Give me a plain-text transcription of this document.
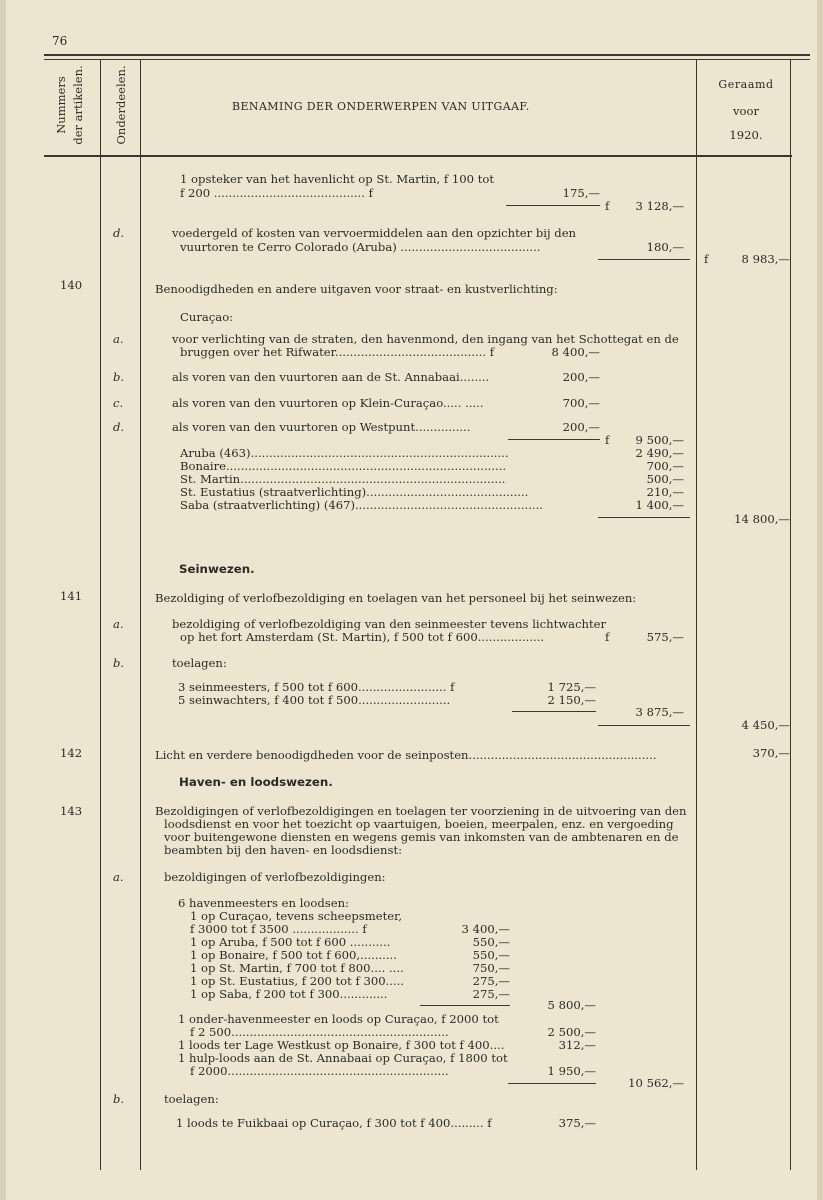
76
Nummers der artikelen.	Onderdeelen.	BENAMING DER ONDERWERPEN VAN UITGAAF.
Geraamd
voor
1920.
1 opsteker van het havenlicht op St. Martin, f 100 tot
f 200 ......................................... f	175,—
f	3 128,—
d.	voedergeld of kosten van vervoermiddelen aan den opzichter bij den
vuurtoren te Cerro Colorado (Aruba) ......................................	180,—
f	8 983,—
140	Benoodigdheden en andere uitgaven voor straat- en kustverlichting:
Curaçao:
a.	voor verlichting van de straten, den havenmond, den ingang van het Schottegat en de
bruggen over het Rifwater......................................... f	8 400,—
b.	als voren van den vuurtoren aan de St. Annabaai........	200,—
c.	als voren van den vuurtoren op Klein-Curaçao..... .....	700,—
d.	als voren van den vuurtoren op Westpunt...............	200,—
f	9 500,—
Aruba (463)......................................................................	2 490,—
Bonaire............................................................................	700,—
St. Martin........................................................................	500,—
St. Eustatius (straatverlichting)............................................	210,—
Saba (straatverlichting) (467)...................................................	1 400,—
14 800,—
Seinwezen.
141	Bezoldiging of verlofbezoldiging en toelagen van het personeel bij het seinwezen:
a.	bezoldiging of verlofbezoldiging van den seinmeester tevens lichtwachter
op het fort Amsterdam (St. Martin), f 500 tot f 600..................	f	575,—
b.	toelagen:
3 seinmeesters, f 500 tot f 600........................ f	1 725,—
5 seinwachters, f 400 tot f 500.........................	2 150,—
3 875,—
4 450,—
142	Licht en verdere benoodigdheden voor de seinposten...................................................	370,—
Haven- en loodswezen.
143	Bezoldigingen of verlofbezoldigingen en toelagen ter voorziening in de uitvoering van den
loodsdienst en voor het toezicht op vaartuigen, boeien, meerpalen, enz. en vergoeding
voor buitengewone diensten en wegens gemis van inkomsten van de ambtenaren en de
beambten bij den haven- en loodsdienst:
a.	bezoldigingen of verlofbezoldigingen:
6 havenmeesters en loodsen:
1 op Curaçao, tevens scheepsmeter,
f 3000 tot f 3500 .................. f	3 400,—
1 op Aruba, f 500 tot f 600 ...........	550,—
1 op Bonaire, f 500 tot f 600,..........	550,—
1 op St. Martin, f 700 tot f 800.... ....	750,—
1 op St. Eustatius, f 200 tot f 300.....	275,—
1 op Saba, f 200 tot f 300.............	275,—
5 800,—
1 onder-havenmeester en loods op Curaçao, f 2000 tot
f 2 500...........................................................	2 500,—
1 loods ter Lage Westkust op Bonaire, f 300 tot f 400....	312,—
1 hulp-loods aan de St. Annabaai op Curaçao, f 1800 tot
f 2000............................................................	1 950,—
10 562,—
b.	toelagen:
1 loods te Fuikbaai op Curaçao, f 300 tot f 400......... f	375,—
